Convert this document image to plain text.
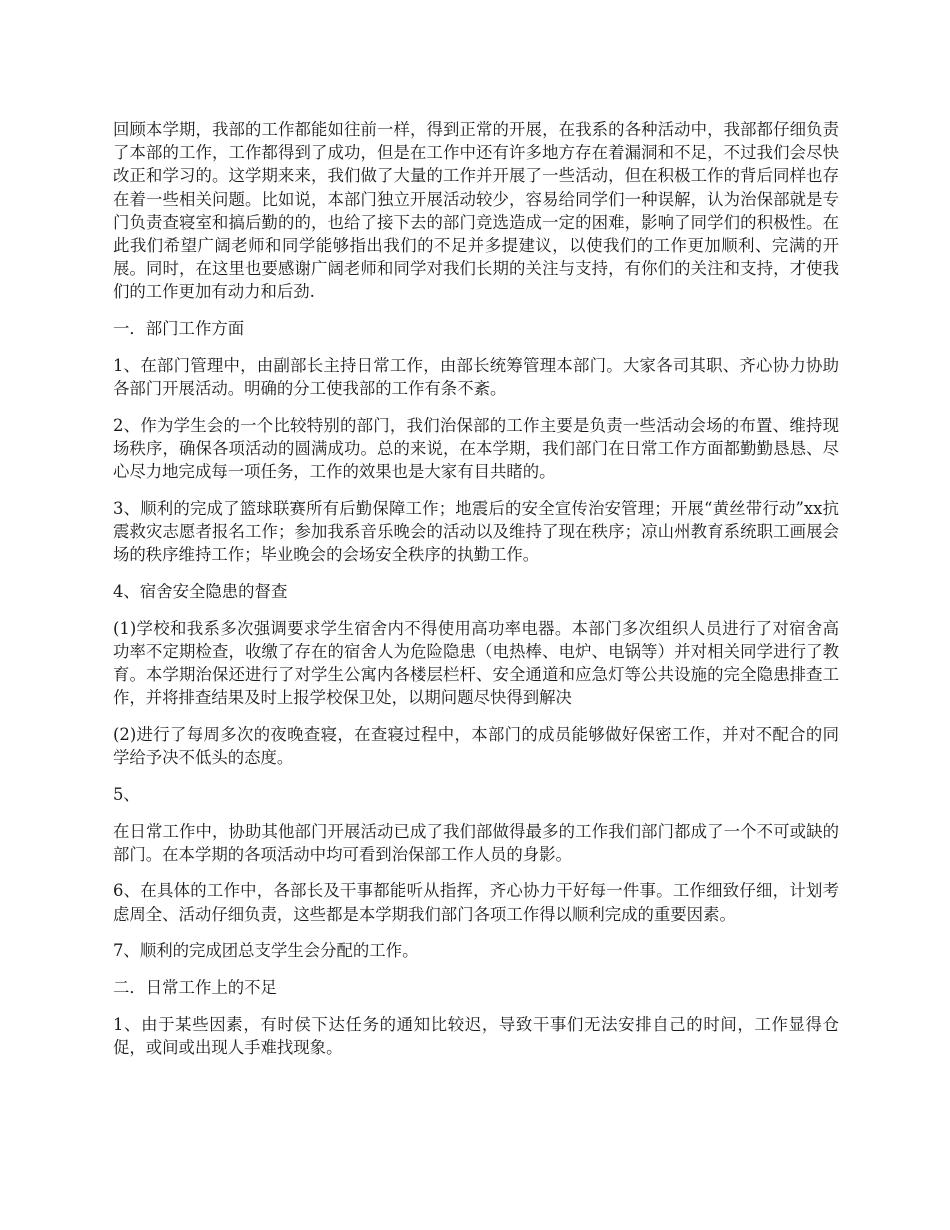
回顾本学期，我部的工作都能如往前一样，得到正常的开展，在我系的各种活动中，我部都仔细负责了本部的工作，工作都得到了成功，但是在工作中还有许多地方存在着漏洞和不足，不过我们会尽快改正和学习的。这学期来来，我们做了大量的工作并开展了一些活动，但在积极工作的背后同样也存在着一些相关问题。比如说，本部门独立开展活动较少，容易给同学们一种误解，认为治保部就是专门负责查寝室和搞后勤的的，也给了接下去的部门竞选造成一定的困难，影响了同学们的积极性。在此我们希望广阔老师和同学能够指出我们的不足并多提建议，以使我们的工作更加顺利、完满的开展。同时，在这里也要感谢广阔老师和同学对我们长期的关注与支持，有你们的关注和支持，才使我们的工作更加有动力和后劲.

一．部门工作方面

1、在部门管理中，由副部长主持日常工作，由部长统筹管理本部门。大家各司其职、齐心协力协助各部门开展活动。明确的分工使我部的工作有条不紊。

2、作为学生会的一个比较特别的部门，我们治保部的工作主要是负责一些活动会场的布置、维持现场秩序，确保各项活动的圆满成功。总的来说，在本学期，我们部门在日常工作方面都勤勤恳恳、尽心尽力地完成每一项任务，工作的效果也是大家有目共睹的。

3、顺利的完成了篮球联赛所有后勤保障工作；地震后的安全宣传治安管理；开展“黄丝带行动”xx抗震救灾志愿者报名工作；参加我系音乐晚会的活动以及维持了现在秩序；凉山州教育系统职工画展会场的秩序维持工作；毕业晚会的会场安全秩序的执勤工作。

4、宿舍安全隐患的督查

(1)学校和我系多次强调要求学生宿舍内不得使用高功率电器。本部门多次组织人员进行了对宿舍高功率不定期检查，收缴了存在的宿舍人为危险隐患（电热棒、电炉、电锅等）并对相关同学进行了教育。本学期治保还进行了对学生公寓内各楼层栏杆、安全通道和应急灯等公共设施的完全隐患排查工作，并将排查结果及时上报学校保卫处，以期问题尽快得到解决

(2)进行了每周多次的夜晚查寝，在查寝过程中，本部门的成员能够做好保密工作，并对不配合的同学给予决不低头的态度。

5、

在日常工作中，协助其他部门开展活动已成了我们部做得最多的工作我们部门都成了一个不可或缺的部门。在本学期的各项活动中均可看到治保部工作人员的身影。

6、在具体的工作中，各部长及干事都能听从指挥，齐心协力干好每一件事。工作细致仔细，计划考虑周全、活动仔细负责，这些都是本学期我们部门各项工作得以顺利完成的重要因素。

7、顺利的完成团总支学生会分配的工作。

二．日常工作上的不足

1、由于某些因素，有时侯下达任务的通知比较迟，导致干事们无法安排自己的时间，工作显得仓促，或间或出现人手难找现象。
